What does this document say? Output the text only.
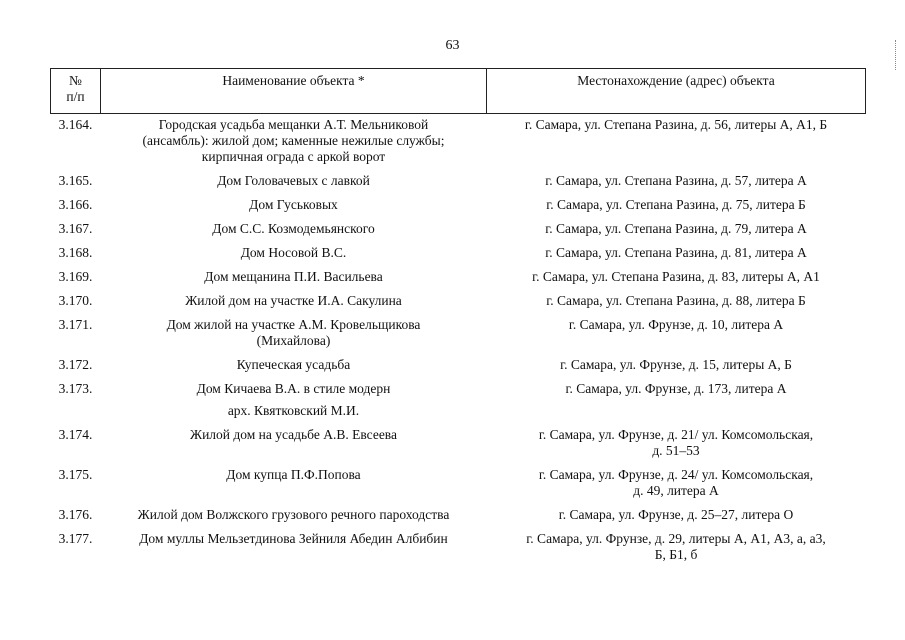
63
№
п/п	Наименование объекта *	Местонахождение (адрес) объекта
3.164.	Городская усадьба мещанки А.Т. Мельниковой
(ансамбль): жилой дом; каменные нежилые службы;
кирпичная ограда с аркой ворот	г. Самара, ул. Степана Разина, д. 56, литеры А, А1, Б

3.165.	Дом Головачевых с лавкой	г. Самара, ул. Степана Разина, д. 57, литера А

3.166.	Дом Гуськовых	г. Самара, ул. Степана Разина, д. 75, литера Б

3.167.	Дом С.С. Козмодемьянского	г. Самара, ул. Степана Разина, д. 79, литера А

3.168.	Дом Носовой В.С.	г. Самара, ул. Степана Разина, д. 81, литера А

3.169.	Дом мещанина П.И. Васильева	г. Самара, ул. Степана Разина, д. 83, литеры А, А1

3.170.	Жилой дом на участке И.А. Сакулина	г. Самара, ул. Степана Разина, д. 88, литера Б

3.171.	Дом жилой на участке А.М. Кровельщикова
(Михайлова)	г. Самара, ул. Фрунзе, д. 10, литера А

3.172.	Купеческая усадьба	г. Самара, ул. Фрунзе, д. 15, литеры А, Б

3.173.	Дом Кичаева В.А. в стиле модерн
арх. Квятковский М.И.	г. Самара, ул. Фрунзе, д. 173, литера А

3.174.	Жилой дом на усадьбе А.В. Евсеева	г. Самара, ул. Фрунзе, д. 21/ ул. Комсомольская,
д. 51–53

3.175.	Дом купца П.Ф.Попова	г. Самара, ул. Фрунзе, д. 24/ ул. Комсомольская,
д. 49, литера А

3.176.	Жилой дом Волжского грузового речного пароходства	г. Самара, ул. Фрунзе, д. 25–27, литера О

3.177.	Дом муллы Мельзетдинова Зейниля Абедин Албибин	г. Самара, ул. Фрунзе, д. 29, литеры А, А1, А3, а, а3,
Б, Б1, б
